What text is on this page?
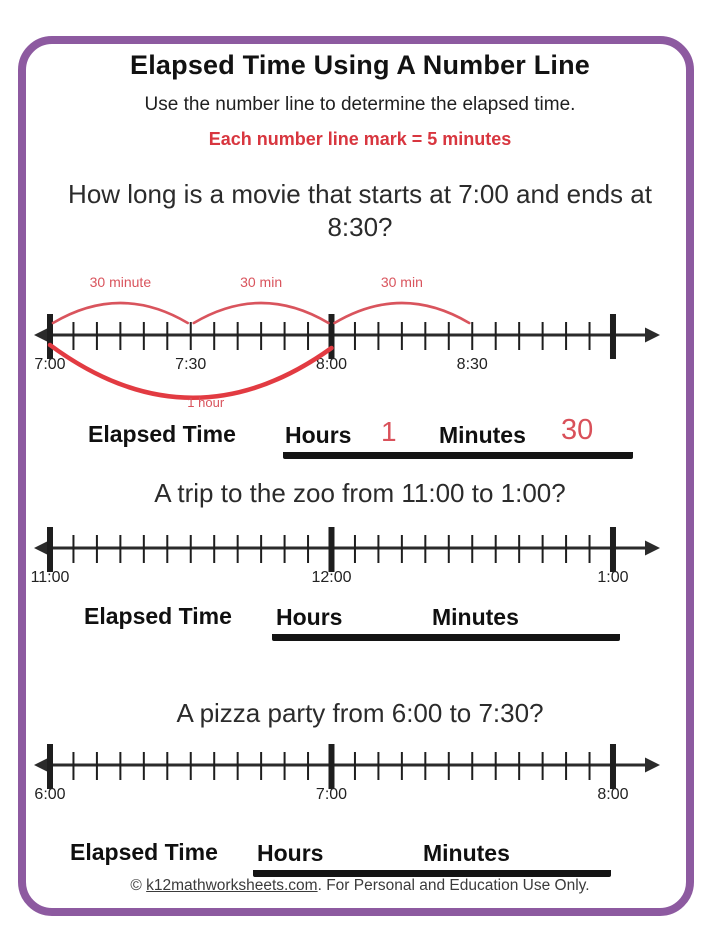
Elapsed Time Using A Number Line
Use the number line to determine the elapsed time.
Each number line mark = 5 minutes
How long is a movie that starts at 7:00 and ends at 8:30?
7:00	7:30	8:00	8:30
30 minute	30 min	30 min
1 hour
Elapsed Time Hours 1 Minutes 30
A trip to the zoo from 11:00 to 1:00?
11:00	12:00	1:00
Elapsed Time Hours	Minutes
A pizza party from 6:00 to 7:30?
6:00	7:00	8:00
Elapsed Time Hours	Minutes
© k12mathworksheets.com. For Personal and Education Use Only.
